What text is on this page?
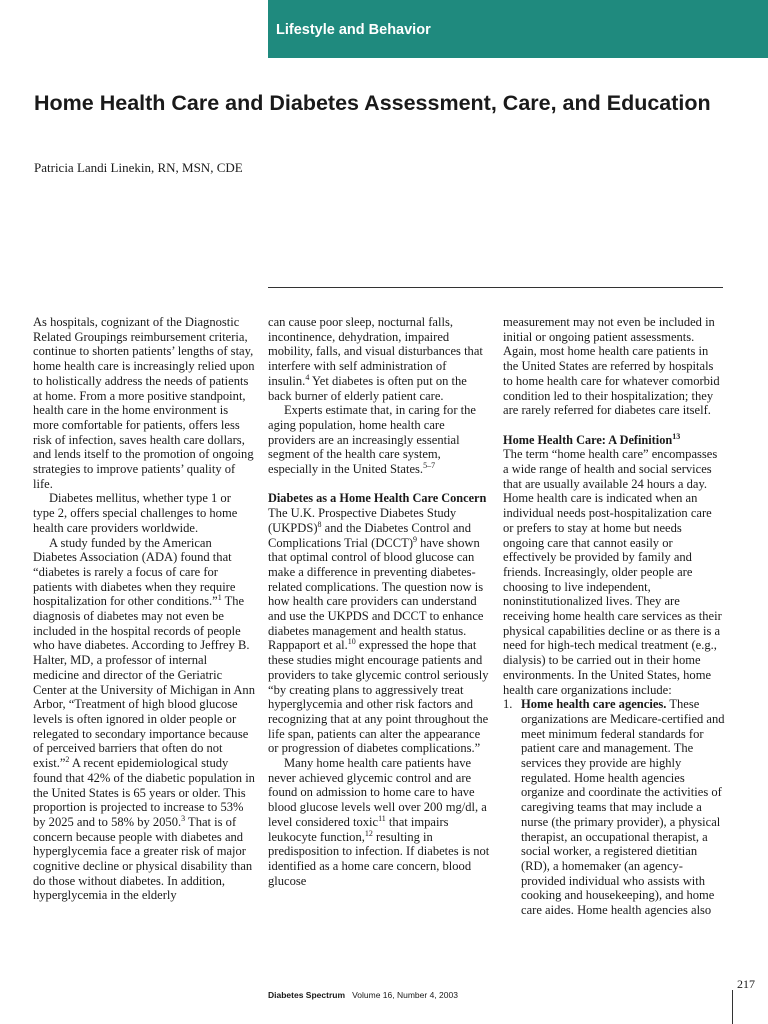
Lifestyle and Behavior
Home Health Care and Diabetes Assessment, Care, and Education
Patricia Landi Linekin, RN, MSN, CDE

As hospitals, cognizant of the Diagnostic Related Groupings reimbursement criteria, continue to shorten patients’ lengths of stay, home health care is increasingly relied upon to holistically address the needs of patients at home. From a more positive standpoint, health care in the home environment is more comfortable for patients, offers less risk of infection, saves health care dollars, and lends itself to the promotion of ongoing strategies to improve patients’ quality of life.

Diabetes mellitus, whether type 1 or type 2, offers special challenges to home health care providers worldwide.

A study funded by the American Diabetes Association (ADA) found that “diabetes is rarely a focus of care for patients with diabetes when they require hospitalization for other conditions.”$^1$ The diagnosis of diabetes may not even be included in the hospital records of people who have diabetes. According to Jeffrey B. Halter, MD, a professor of internal medicine and director of the Geriatric Center at the University of Michigan in Ann Arbor, “Treatment of high blood glucose levels is often ignored in older people or relegated to secondary importance because of perceived barriers that often do not exist.”$^2$ A recent epidemiological study found that 42% of the diabetic population in the United States is 65 years or older. This proportion is projected to increase to 53% by 2025 and to 58% by 2050.$^3$ That is of concern because people with diabetes and hyperglycemia face a greater risk of major cognitive decline or physical disability than do those without diabetes. In addition, hyperglycemia in the elderly

can cause poor sleep, nocturnal falls, incontinence, dehydration, impaired mobility, falls, and visual disturbances that interfere with self administration of insulin.$^4$ Yet diabetes is often put on the back burner of elderly patient care.

Experts estimate that, in caring for the aging population, home health care providers are an increasingly essential segment of the health care system, especially in the United States.$^{5-7}$

Diabetes as a Home Health Care Concern

The U.K. Prospective Diabetes Study (UKPDS)$^8$ and the Diabetes Control and Complications Trial (DCCT)$^9$ have shown that optimal control of blood glucose can make a difference in preventing diabetes-related complications. The question now is how health care providers can understand and use the UKPDS and DCCT to enhance diabetes management and health status. Rappaport et al.$^{10}$ expressed the hope that these studies might encourage patients and providers to take glycemic control seriously “by creating plans to aggressively treat hyperglycemia and other risk factors and recognizing that at any point throughout the life span, patients can alter the appearance or progression of diabetes complications.”

Many home health care patients have never achieved glycemic control and are found on admission to home care to have blood glucose levels well over 200 mg/dl, a level considered toxic$^{11}$ that impairs leukocyte function,$^{12}$ resulting in predisposition to infection. If diabetes is not identified as a home care concern, blood glucose

measurement may not even be included in initial or ongoing patient assessments. Again, most home health care patients in the United States are referred by hospitals to home health care for whatever comorbid condition led to their hospitalization; they are rarely referred for diabetes care itself.

Home Health Care: A Definition$^{13}$

The term “home health care” encompasses a wide range of health and social services that are usually available 24 hours a day. Home health care is indicated when an individual needs post-hospitalization care or prefers to stay at home but needs ongoing care that cannot easily or effectively be provided by family and friends. Increasingly, older people are choosing to live independent, noninstitutionalized lives. They are receiving home health care services as their physical capabilities decline or as there is a need for high-tech medical treatment (e.g., dialysis) to be carried out in their home environments. In the United States, home health care organizations include:

1. Home health care agencies. These organizations are Medicare-certified and meet minimum federal standards for patient care and management. The services they provide are highly regulated. Home health agencies organize and coordinate the activities of caregiving teams that may include a nurse (the primary provider), a physical therapist, an occupational therapist, a social worker, a registered dietitian (RD), a homemaker (an agency-provided individual who assists with cooking and housekeeping), and home care aides. Home health agencies also
Diabetes Spectrum Volume 16, Number 4, 2003
217
